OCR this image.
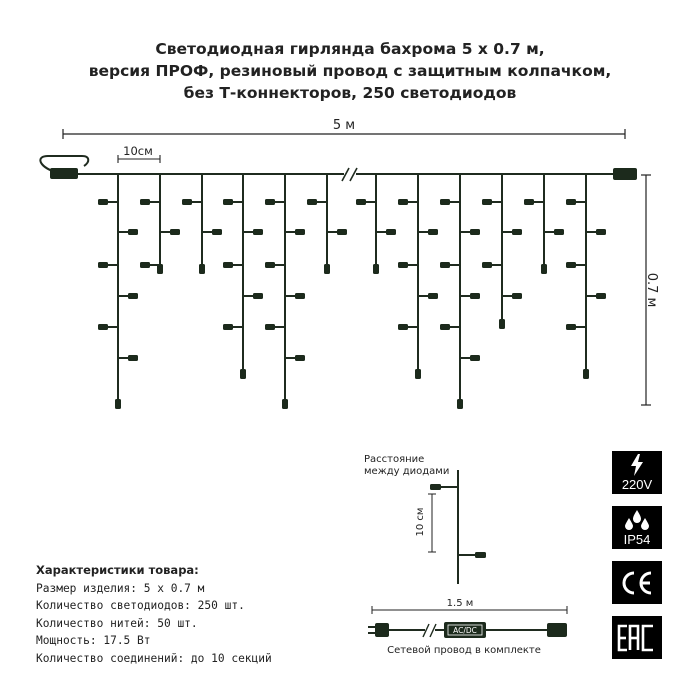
Светодиодная гирлянда бахрома 5 х 0.7 м,
версия ПРОФ, резиновый провод с защитным колпачком,
без Т-коннекторов, 250 светодиодов
5 м
10см
0.7 м
Расстояние
между диодами
10 см
1.5 м
AC/DC
Сетевой провод в комплекте
Характеристики товара:
Размер изделия: 5 х 0.7 м
Количество светодиодов: 250 шт.
Количество нитей: 50 шт.
Мощность: 17.5 Вт
Количество соединений: до 10 секций
220V
IP54
